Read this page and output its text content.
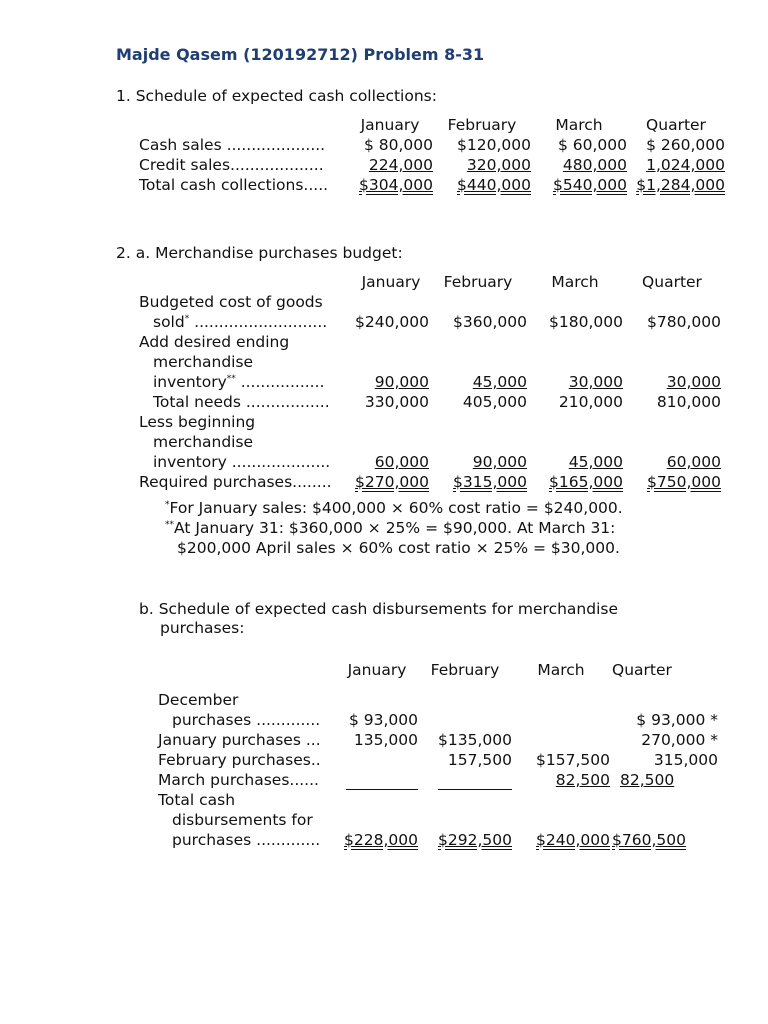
Majde Qasem (120192712) Problem 8-31
1. Schedule of expected cash collections:
	January	February	March	Quarter
Cash sales ....................	$ 80,000	$120,000	$ 60,000	$ 260,000
Credit sales...................	224,000	320,000	480,000	1,024,000
Total cash collections.....	$304,000	$440,000	$540,000	$1,284,000
2. a. Merchandise purchases budget:
	January	February	March	Quarter
Budgeted cost of goods				
sold* ...........................	$240,000	$360,000	$180,000	$780,000
Add desired ending				
merchandise				
inventory** .................	90,000	45,000	30,000	30,000
Total needs .................	330,000	405,000	210,000	810,000
Less beginning				
merchandise				
inventory ....................	60,000	90,000	45,000	60,000
Required purchases........	$270,000	$315,000	$165,000	$750,000
*For January sales: $400,000 × 60% cost ratio = $240,000.
**At January 31: $360,000 × 25% = $90,000. At March 31:
$200,000 April sales × 60% cost ratio × 25% = $30,000.
b. Schedule of expected cash disbursements for merchandise
purchases:
	January	February	March	Quarter

December				
purchases .............	$ 93,000			$ 93,000 *
January purchases ...	135,000	$135,000		270,000 *
February purchases..		157,500	$157,500	315,000
March purchases......			82,500	82,500
Total cash				
disbursements for				
purchases .............	$228,000	$292,500	$240,000	$760,500
